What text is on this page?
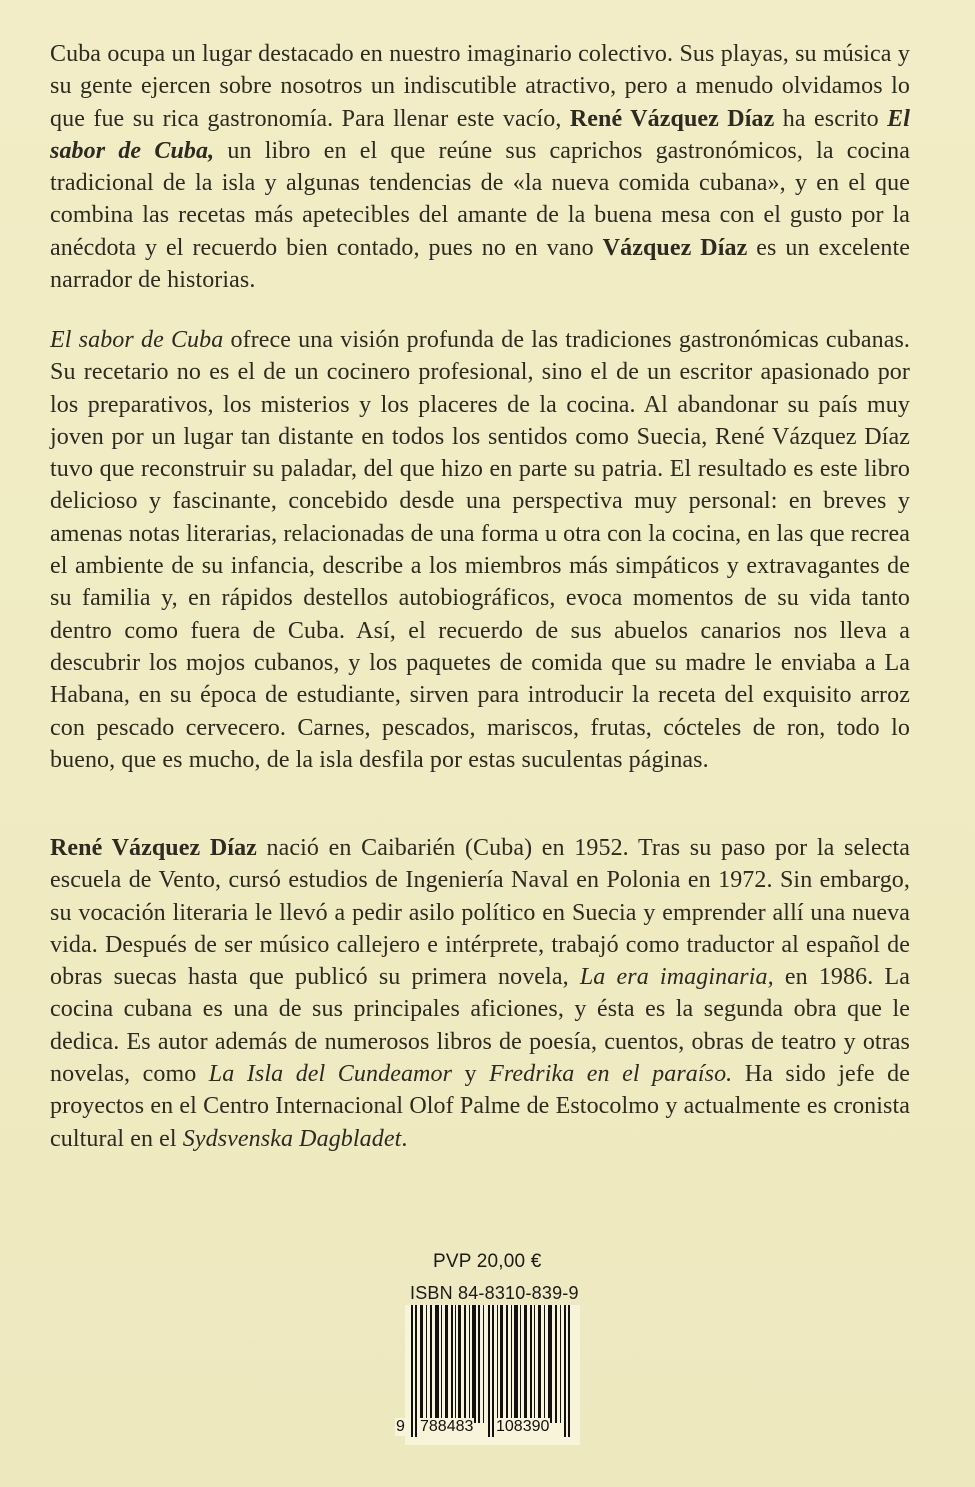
Cuba ocupa un lugar destacado en nuestro imaginario colectivo. Sus playas, su música y su gente ejercen sobre nosotros un indiscutible atractivo, pero a menudo olvidamos lo que fue su rica gastronomía. Para llenar este vacío, René Vázquez Díaz ha escrito El sabor de Cuba, un libro en el que reúne sus caprichos gastronómicos, la cocina tradicional de la isla y algunas tendencias de «la nueva comida cubana», y en el que combina las recetas más apetecibles del amante de la buena mesa con el gusto por la anécdota y el recuerdo bien contado, pues no en vano Vázquez Díaz es un excelente narrador de historias.

El sabor de Cuba ofrece una visión profunda de las tradiciones gastronómicas cubanas. Su recetario no es el de un cocinero profesional, sino el de un escritor apasionado por los preparativos, los misterios y los placeres de la cocina. Al abandonar su país muy joven por un lugar tan distante en todos los sentidos como Suecia, René Vázquez Díaz tuvo que reconstruir su paladar, del que hizo en parte su patria. El resultado es este libro delicioso y fascinante, concebido desde una perspectiva muy personal: en breves y amenas notas literarias, relacionadas de una forma u otra con la cocina, en las que recrea el ambiente de su infancia, describe a los miembros más simpáticos y extravagantes de su familia y, en rápidos destellos autobiográficos, evoca momentos de su vida tanto dentro como fuera de Cuba. Así, el recuerdo de sus abuelos canarios nos lleva a descubrir los mojos cubanos, y los paquetes de comida que su madre le enviaba a La Habana, en su época de estudiante, sirven para introducir la receta del exquisito arroz con pescado cervecero. Carnes, pescados, mariscos, frutas, cócteles de ron, todo lo bueno, que es mucho, de la isla desfila por estas suculentas páginas.

René Vázquez Díaz nació en Caibarién (Cuba) en 1952. Tras su paso por la selecta escuela de Vento, cursó estudios de Ingeniería Naval en Polonia en 1972. Sin embargo, su vocación literaria le llevó a pedir asilo político en Suecia y emprender allí una nueva vida. Después de ser músico callejero e intérprete, trabajó como traductor al español de obras suecas hasta que publicó su primera novela, La era imaginaria, en 1986. La cocina cubana es una de sus principales aficiones, y ésta es la segunda obra que le dedica. Es autor además de numerosos libros de poesía, cuentos, obras de teatro y otras novelas, como La Isla del Cundeamor y Fredrika en el paraíso. Ha sido jefe de proyectos en el Centro Internacional Olof Palme de Estocolmo y actualmente es cronista cultural en el Sydsvenska Dagbladet.

PVP 20,00 €
ISBN 84-8310-839-9
9 788483 108390
